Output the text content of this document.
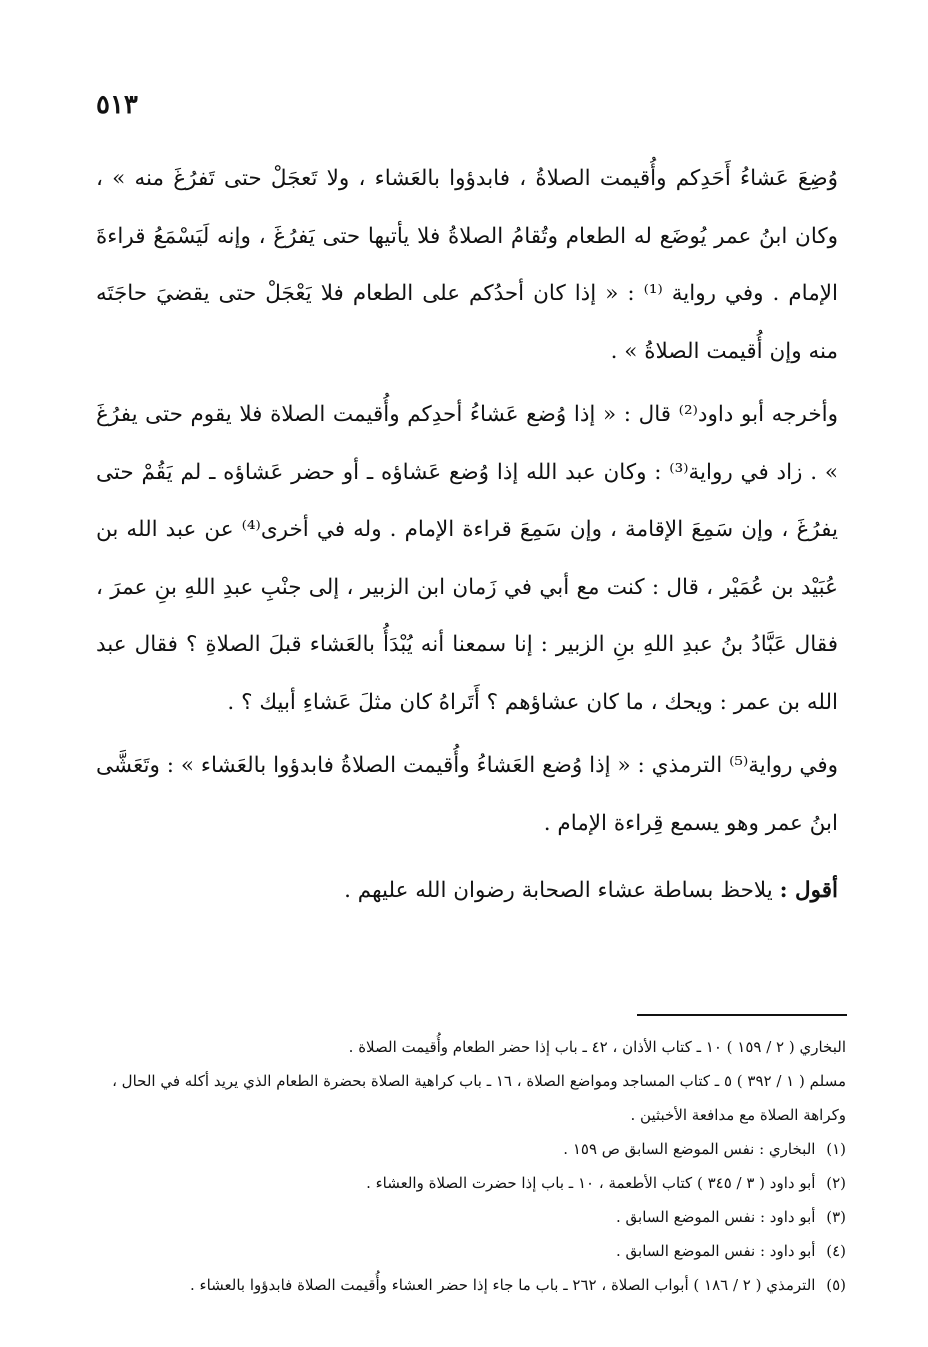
٥١٣

وُضِعَ عَشاءُ أَحَدِكم وأُقيمت الصلاةُ ، فابدؤوا بالعَشاء ، ولا تَعجَلْ حتى تَفرُغَ منه » ، وكان ابنُ عمر يُوضَع له الطعام وتُقامُ الصلاةُ فلا يأتيها حتى يَفرُغَ ، وإنه لَيَسْمَعُ قراءةَ الإمام . وفي رواية ⁽¹⁾ : « إذا كان أحدُكم على الطعام فلا يَعْجَلْ حتى يقضيَ حاجَتَه منه وإن أُقيمت الصلاةُ » .

وأخرجه أبو داود⁽²⁾ قال : « إذا وُضع عَشاءُ أحدِكم وأُقيمت الصلاة فلا يقوم حتى يفرُغَ » . زاد في رواية⁽³⁾ : وكان عبد الله إذا وُضع عَشاؤه ـ أو حضر عَشاؤه ـ لم يَقُمْ حتى يفرُغَ ، وإن سَمِعَ الإقامة ، وإن سَمِعَ قراءة الإمام . وله في أخرى⁽⁴⁾ عن عبد الله بن عُبَيْد بن عُمَيْر ، قال : كنت مع أبي في زَمان ابن الزبير ، إلى جنْبِ عبدِ اللهِ بنِ عمرَ ، فقال عَبَّادُ بنُ عبدِ اللهِ بنِ الزبير : إنا سمعنا أنه يُبْدَأُ بالعَشاء قبلَ الصلاةِ ؟ فقال عبد الله بن عمر : ويحك ، ما كان عشاؤهم ؟ أَتَراهُ كان مثلَ عَشاءِ أبيك ؟ .

وفي رواية⁽⁵⁾ الترمذي : « إذا وُضع العَشاءُ وأُقيمت الصلاةُ فابدؤوا بالعَشاء » : وتَعَشَّى ابنُ عمر وهو يسمع قِراءة الإمام .

أقول : يلاحظ بساطة عشاء الصحابة رضوان الله عليهم .

البخاري ( ٢ / ١٥٩ ) ١٠ ـ كتاب الأذان ، ٤٢ ـ باب إذا حضر الطعام وأُقيمت الصلاة .

مسلم ( ١ / ٣٩٢ ) ٥ ـ كتاب المساجد ومواضع الصلاة ، ١٦ ـ باب كراهية الصلاة بحضرة الطعام الذي يريد أكله في الحال ، وكراهة الصلاة مع مدافعة الأخبثين .

(١) البخاري : نفس الموضع السابق ص ١٥٩ .

(٢) أبو داود ( ٣ / ٣٤٥ ) كتاب الأطعمة ، ١٠ ـ باب إذا حضرت الصلاة والعشاء .

(٣) أبو داود : نفس الموضع السابق .

(٤) أبو داود : نفس الموضع السابق .

(٥) الترمذي ( ٢ / ١٨٦ ) أبواب الصلاة ، ٢٦٢ ـ باب ما جاء إذا حضر العشاء وأُقيمت الصلاة فابدؤوا بالعشاء .
